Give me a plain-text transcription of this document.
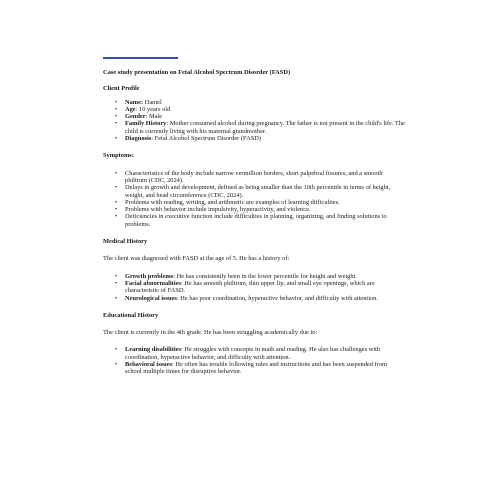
Case study presentation on Fetal Alcohol Spectrum Disorder (FASD)

Client Profile

• Name: Daniel
• Age: 10 years old
• Gender: Male
• Family History: Mother consumed alcohol during pregnancy. The father is not present in the child's life. The child is currently living with his maternal grandmother.
• Diagnosis: Fetal Alcohol Spectrum Disorder (FASD)

Symptoms:

• Characteristics of the body include narrow vermillion borders, short palpebral fissures, and a smooth philtrum (CDC, 2024).
• Delays in growth and development, defined as being smaller than the 10th percentile in terms of height, weight, and head circumference (CDC, 2024).
• Problems with reading, writing, and arithmetic are examples of learning difficulties.
• Problems with behavior include impulsivity, hyperactivity, and violence.
• Deficiencies in executive function include difficulties in planning, organizing, and finding solutions to problems.

Medical History

The client was diagnosed with FASD at the age of 5. He has a history of:

• Growth problems: He has consistently been in the lower percentile for height and weight.
• Facial abnormalities: He has smooth philtrum, thin upper lip, and small eye openings, which are characteristic of FASD.
• Neurological issues: He has poor coordination, hyperactive behavior, and difficulty with attention.

Educational History

The client is currently in the 4th grade. He has been struggling academically due to:

• Learning disabilities: He struggles with concepts in math and reading. He also has challenges with coordination, hyperactive behavior, and difficulty with attention.
• Behavioral issues: He often has trouble following rules and instructions and has been suspended from school multiple times for disruptive behavior.
